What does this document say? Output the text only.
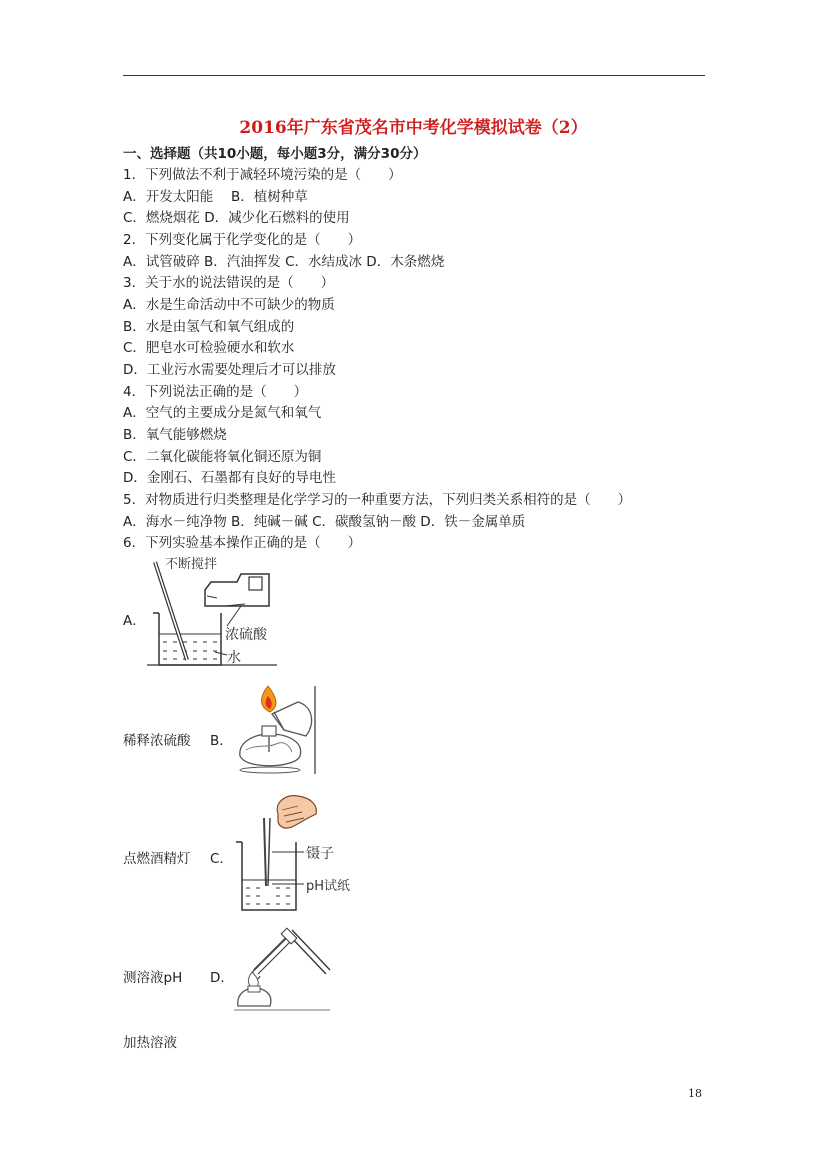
2016年广东省茂名市中考化学模拟试卷（2）
一、选择题（共10小题，每小题3分，满分30分）
1．下列做法不利于减轻环境污染的是（　　）
A．开发太阳能　 B．植树种草
C．燃烧烟花 D．减少化石燃料的使用
2．下列变化属于化学变化的是（　　）
A．试管破碎 B．汽油挥发 C．水结成冰 D．木条燃烧
3．关于水的说法错误的是（　　）
A．水是生命活动中不可缺少的物质
B．水是由氢气和氧气组成的
C．肥皂水可检验硬水和软水
D．工业污水需要处理后才可以排放
4．下列说法正确的是（　　）
A．空气的主要成分是氮气和氧气
B．氧气能够燃烧
C．二氧化碳能将氧化铜还原为铜
D．金刚石、石墨都有良好的导电性
5．对物质进行归类整理是化学学习的一种重要方法，下列归类关系相符的是（　　）
A．海水－纯净物 B．纯碱－碱 C．碳酸氢钠－酸 D．铁－金属单质
6．下列实验基本操作正确的是（　　）
A．
不断搅拌
浓硫酸
水
稀释浓硫酸 B．
点燃酒精灯 C．	镊子
pH试纸
测溶液pH D．
加热溶液
18
